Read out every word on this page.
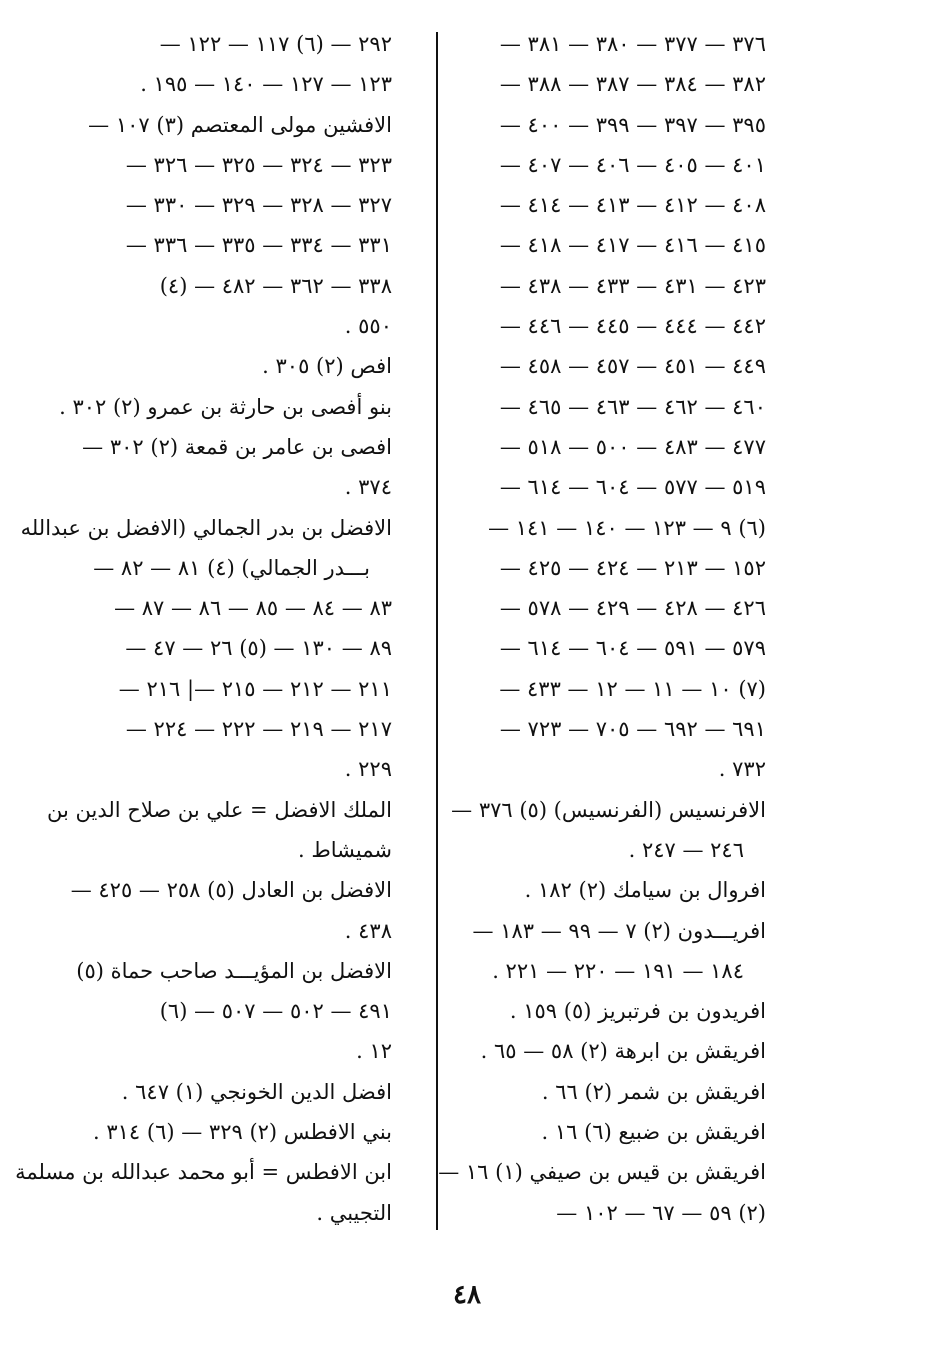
٣٧٦ — ٣٧٧ — ٣٨٠ — ٣٨١ —
٣٨٢ — ٣٨٤ — ٣٨٧ — ٣٨٨ —
٣٩٥ — ٣٩٧ — ٣٩٩ — ٤٠٠ —
٤٠١ — ٤٠٥ — ٤٠٦ — ٤٠٧ —
٤٠٨ — ٤١٢ — ٤١٣ — ٤١٤ —
٤١٥ — ٤١٦ — ٤١٧ — ٤١٨ —
٤٢٣ — ٤٣١ — ٤٣٣ — ٤٣٨ —
٤٤٢ — ٤٤٤ — ٤٤٥ — ٤٤٦ —
٤٤٩ — ٤٥١ — ٤٥٧ — ٤٥٨ —
٤٦٠ — ٤٦٢ — ٤٦٣ — ٤٦٥ —
٤٧٧ — ٤٨٣ — ٥٠٠ — ٥١٨ —
٥١٩ — ٥٧٧ — ٦٠٤ — ٦١٤ —
(٦) ٩ — ١٢٣ — ١٤٠ — ١٤١ —
١٥٢ — ٢١٣ — ٤٢٤ — ٤٢٥ —
٤٢٦ — ٤٢٨ — ٤٢٩ — ٥٧٨ —
٥٧٩ — ٥٩١ — ٦٠٤ — ٦١٤ —
(٧) ١٠ — ١١ — ١٢ — ٤٣٣ —
٦٩١ — ٦٩٢ — ٧٠٥ — ٧٢٣ —
٧٣٢ .
الافرنسيس (الفرنسيس) (٥) ٣٧٦ —
٢٤٦ — ٢٤٧ .
افروال بن سيامك (٢) ١٨٢ .
افريـــدون (٢) ٧ — ٩٩ — ١٨٣ —
١٨٤ — ١٩١ — ٢٢٠ — ٢٢١ .
افريدون بن فرتبريز (٥) ١٥٩ .
افريقش بن ابرهة (٢) ٥٨ — ٦٥ .
افريقش بن شمر (٢) ٦٦ .
افريقش بن ضبيع (٦) ١٦ .
افريقش بن قيس بن صيفي (١) ١٦ —
(٢) ٥٩ — ٦٧ — ١٠٢ —
٢٩٢ — (٦) ١١٧ — ١٢٢ —
١٢٣ — ١٢٧ — ١٤٠ — ١٩٥ .
الافشين مولى المعتصم (٣) ١٠٧ —
٣٢٣ — ٣٢٤ — ٣٢٥ — ٣٢٦ —
٣٢٧ — ٣٢٨ — ٣٢٩ — ٣٣٠ —
٣٣١ — ٣٣٤ — ٣٣٥ — ٣٣٦ —
٣٣٨ — ٣٦٢ — ٤٨٢ — (٤)
٥٥٠ .
افص (٢) ٣٠٥ .
بنو أفصى بن حارثة بن عمرو (٢) ٣٠٢ .
افصى بن عامر بن قمعة (٢) ٣٠٢ —
٣٧٤ .
الافضل بن بدر الجمالي (الافضل بن عبدالله
بـــدر الجمالي) (٤) ٨١ — ٨٢ —
٨٣ — ٨٤ — ٨٥ — ٨٦ — ٨٧ —
٨٩ — ١٣٠ — (٥) ٢٦ — ٤٧ —
٢١١ — ٢١٢ — ٢١٥ —| ٢١٦ —
٢١٧ — ٢١٩ — ٢٢٢ — ٢٢٤ —
٢٢٩ .
الملك الافضل = علي بن صلاح الدين بن
شميشاط .
الافضل بن العادل (٥) ٢٥٨ — ٤٢٥ —
٤٣٨ .
الافضل بن المؤيـــد صاحب حماة (٥)
٤٩١ — ٥٠٢ — ٥٠٧ — (٦)
١٢ .
افضل الدين الخونجي (١) ٦٤٧ .
بني الافطس (٢) ٣٢٩ — (٦) ٣١٤ .
ابن الافطس = أبو محمد عبدالله بن مسلمة
التجيبي .
٤٨
